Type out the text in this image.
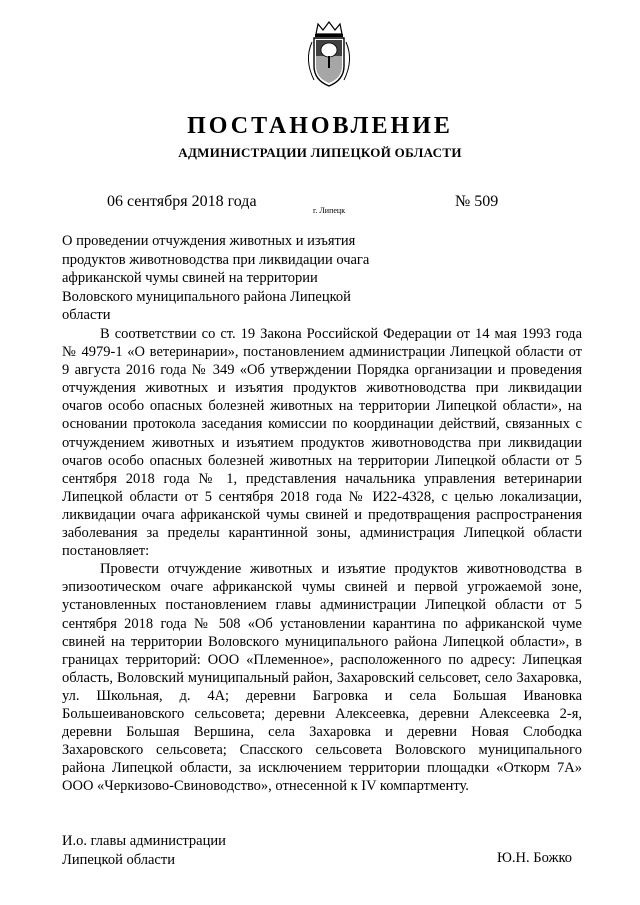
ПОСТАНОВЛЕНИЕ
АДМИНИСТРАЦИИ ЛИПЕЦКОЙ ОБЛАСТИ
06 сентября 2018 года
г. Липецк
№ 509

О проведении отчуждения животных и изъятия продуктов животноводства при ликвидации очага африканской чумы свиней на территории Воловского муниципального района Липецкой области

В соответствии со ст. 19 Закона Российской Федерации от 14 мая 1993 года № 4979-1 «О ветеринарии», постановлением администрации Липецкой области от 9 августа 2016 года № 349 «Об утверждении Порядка организации и проведения отчуждения животных и изъятия продуктов животноводства при ликвидации очагов особо опасных болезней животных на территории Липецкой области», на основании протокола заседания комиссии по координации действий, связанных с отчуждением животных и изъятием продуктов животноводства при ликвидации очагов особо опасных болезней животных на территории Липецкой области от 5 сентября 2018 года № 1, представления начальника управления ветеринарии Липецкой области от 5 сентября 2018 года № И22-4328, с целью локализации, ликвидации очага африканской чумы свиней и предотвращения распространения заболевания за пределы карантинной зоны, администрация Липецкой области постановляет:

Провести отчуждение животных и изъятие продуктов животноводства в эпизоотическом очаге африканской чумы свиней и первой угрожаемой зоне, установленных постановлением главы администрации Липецкой области от 5 сентября 2018 года № 508 «Об установлении карантина по африканской чуме свиней на территории Воловского муниципального района Липецкой области», в границах территорий: ООО «Племенное», расположенного по адресу: Липецкая область, Воловский муниципальный район, Захаровский сельсовет, село Захаровка, ул. Школьная, д. 4А; деревни Багровка и села Большая Ивановка Большеивановского сельсовета; деревни Алексеевка, деревни Алексеевка 2-я, деревни Большая Вершина, села Захаровка и деревни Новая Слободка Захаровского сельсовета; Спасского сельсовета Воловского муниципального района Липецкой области, за исключением территории площадки «Откорм 7А» ООО «Черкизово-Свиноводство», отнесенной к IV компартменту.

И.о. главы администрации
Липецкой области	Ю.Н. Божко
